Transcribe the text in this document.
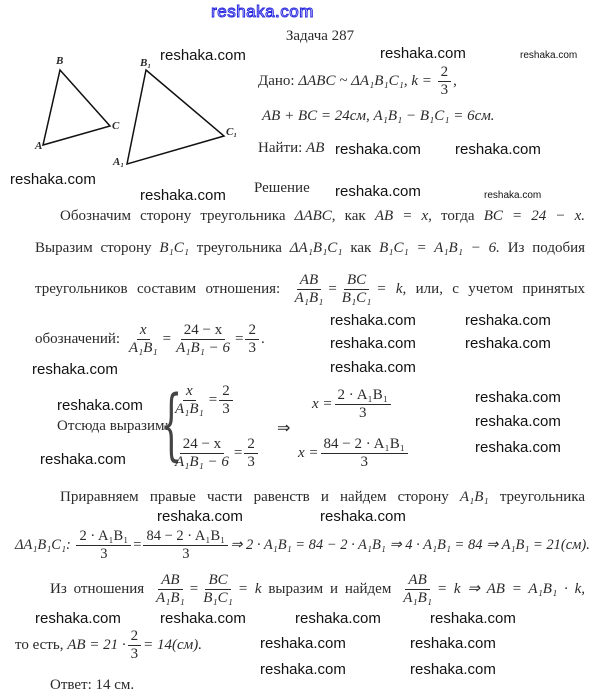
reshaka.com
Задача 287
B
A
C
B₁
A₁
C₁
Дано: ΔABC ~ ΔA₁B₁C₁, $k = \frac{2}{3}$ ,
AB + BC = 24см, A₁B₁ − B₁C₁ = 6см.
Найти: AB
Решение
Обозначим сторону треугольника ΔABC, как AB = x, тогда BC = 24 − x.
Выразим сторону B₁C₁ треугольника ΔA₁B₁C₁ как B₁C₁ = A₁B₁ − 6. Из подобия
треугольников составим отношения: $\frac{AB}{\text{A₁B₁}} = \frac{BC}{\text{B₁C₁}} = k$, или, с учетом принятых
обозначений: $\frac{x}{\text{A₁B₁}} = \frac{24 - x}{\text{A₁B₁ − 6}} = \frac{2}{3}$ .
Отсюда выразим:
{
$\frac{x}{\text{A₁B₁}} = \frac{2}{3}$
$\frac{24 - x}{\text{A₁B₁ − 6}} = \frac{2}{3}$
⇒
$x = \frac{\text{2 · A₁B₁}}{3}$
$x = \frac{\text{84 − 2 · A₁B₁}}{3}$
Приравняем правые части равенств и найдем сторону A₁B₁ треугольника
ΔA₁B₁C₁: $\frac{\text{2 · A₁B₁}}{3} = \frac{\text{84 − 2 · A₁B₁}}{3}$ ⇒ 2 · A₁B₁ = 84 − 2 · A₁B₁ ⇒ 4 · A₁B₁ = 84 ⇒ A₁B₁ = 21(см).
Из отношения $\frac{AB}{\text{A₁B₁}} = \frac{BC}{\text{B₁C₁}} = k$ выразим и найдем $\frac{AB}{\text{A₁B₁}} = k$ ⇒ AB = A₁B₁ · k,
то есть, AB = $21 \cdot \frac{2}{3} = 14(см)$.
Ответ: 14 см.
reshaka.com	reshaka.com	reshaka.com
reshaka.com
reshaka.com reshaka.com
reshaka.com	reshaka.com
reshaka.com
reshaka.com	reshaka.com
reshaka.com
reshaka.com
reshaka.com
reshaka.com
reshaka.com	reshaka.com
reshaka.com
reshaka.com
reshaka.com
reshaka.com	reshaka.com
reshaka.com	reshaka.com
reshaka.com	reshaka.com
reshaka.com	reshaka.com
reshaka.com	reshaka.com
